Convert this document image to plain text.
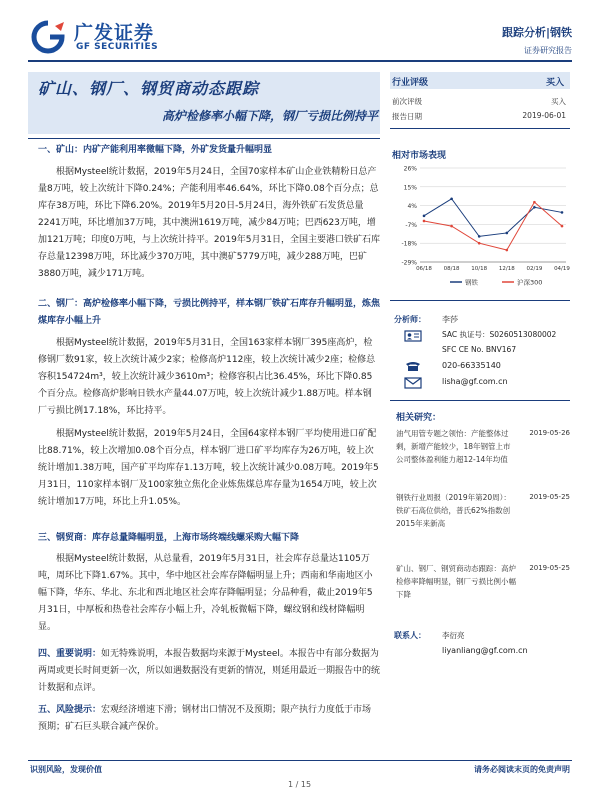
广发证券
GF SECURITIES
跟踪分析|钢铁
证券研究报告
矿山、钢厂、钢贸商动态跟踪
高炉检修率小幅下降，钢厂亏损比例持平
一、矿山：内矿产能利用率微幅下降，外矿发货量升幅明显

根据Mysteel统计数据，2019年5月24日，全国70家样本矿山企业铁精粉日总产量8万吨，较上次统计下降0.24%；产能利用率46.64%，环比下降0.08个百分点；总库存38万吨，环比下降6.20%。2019年5月20日-5月24日，海外铁矿石发货总量2241万吨，环比增加37万吨，其中澳洲1619万吨，减少84万吨；巴西623万吨，增加121万吨；印度0万吨，与上次统计持平。2019年5月31日，全国主要港口铁矿石库存总量12398万吨，环比减少370万吨，其中澳矿5779万吨，减少288万吨，巴矿3880万吨，减少171万吨。

二、钢厂：高炉检修率小幅下降，亏损比例持平，样本钢厂铁矿石库存升幅明显，炼焦煤库存小幅上升

根据Mysteel统计数据，2019年5月31日，全国163家样本钢厂395座高炉，检修钢厂数91家，较上次统计减少2家；检修高炉112座，较上次统计减少2座；检修总容积154724m³，较上次统计减少3610m³；检修容积占比36.45%，环比下降0.85个百分点。检修高炉影响日铁水产量44.07万吨，较上次统计减少1.88万吨。样本钢厂亏损比例17.18%，环比持平。

根据Mysteel统计数据，2019年5月24日，全国64家样本钢厂平均使用进口矿配比88.71%，较上次增加0.08个百分点，样本钢厂进口矿平均库存为26万吨，较上次统计增加1.38万吨，国产矿平均库存1.13万吨，较上次统计减少0.08万吨。2019年5月31日，110家样本钢厂及100家独立焦化企业炼焦煤总库存量为1654万吨，较上次统计增加17万吨，环比上升1.05%。

三、钢贸商：库存总量降幅明显，上海市场终端线螺采购大幅下降

根据Mysteel统计数据，从总量看，2019年5月31日，社会库存总量达1105万吨，周环比下降1.67%。其中，华中地区社会库存降幅明显上升；西南和华南地区小幅下降，华东、华北、东北和西北地区社会库存降幅明显；分品种看，截止2019年5月31日，中厚板和热卷社会库存小幅上升，冷轧板微幅下降，螺纹钢和线材降幅明显。

四、重要说明：如无特殊说明，本报告数据均来源于Mysteel。本报告中有部分数据为两周或更长时间更新一次，所以如遇数据没有更新的情况，则延用最近一期报告中的统计数据和点评。
五、风险提示：宏观经济增速下滑；钢材出口情况不及预期；限产执行力度低于市场预期；矿石巨头联合减产保价。
行业评级	买入
前次评级	买入
报告日期	2019-06-01
相对市场表现
26%
15%
4%
-7%
-18%
-29%
06/18 08/18 10/18 12/18 02/19 04/19
钢铁	沪深300
分析师： 李莎
SAC 执证号：S0260513080002
SFC CE No. BNV167
020-66335140
lisha@gf.com.cn
相关研究：
油气用管专题之领怡：产能整体过剩，新增产能较少，18年钢管上市公司整体盈利能力超12-14年均值
2019-05-26
钢铁行业周报（2019年第20周）：铁矿石高位供给，普氏62%指数创2015年来新高
2019-05-25
矿山、钢厂、钢贸商动态跟踪：高炉检修率降幅明显，钢厂亏损比例小幅下降
2019-05-25
联系人： 李衍亮
liyanliang@gf.com.cn
识别风险，发现价值	请务必阅读末页的免责声明
1 / 15
